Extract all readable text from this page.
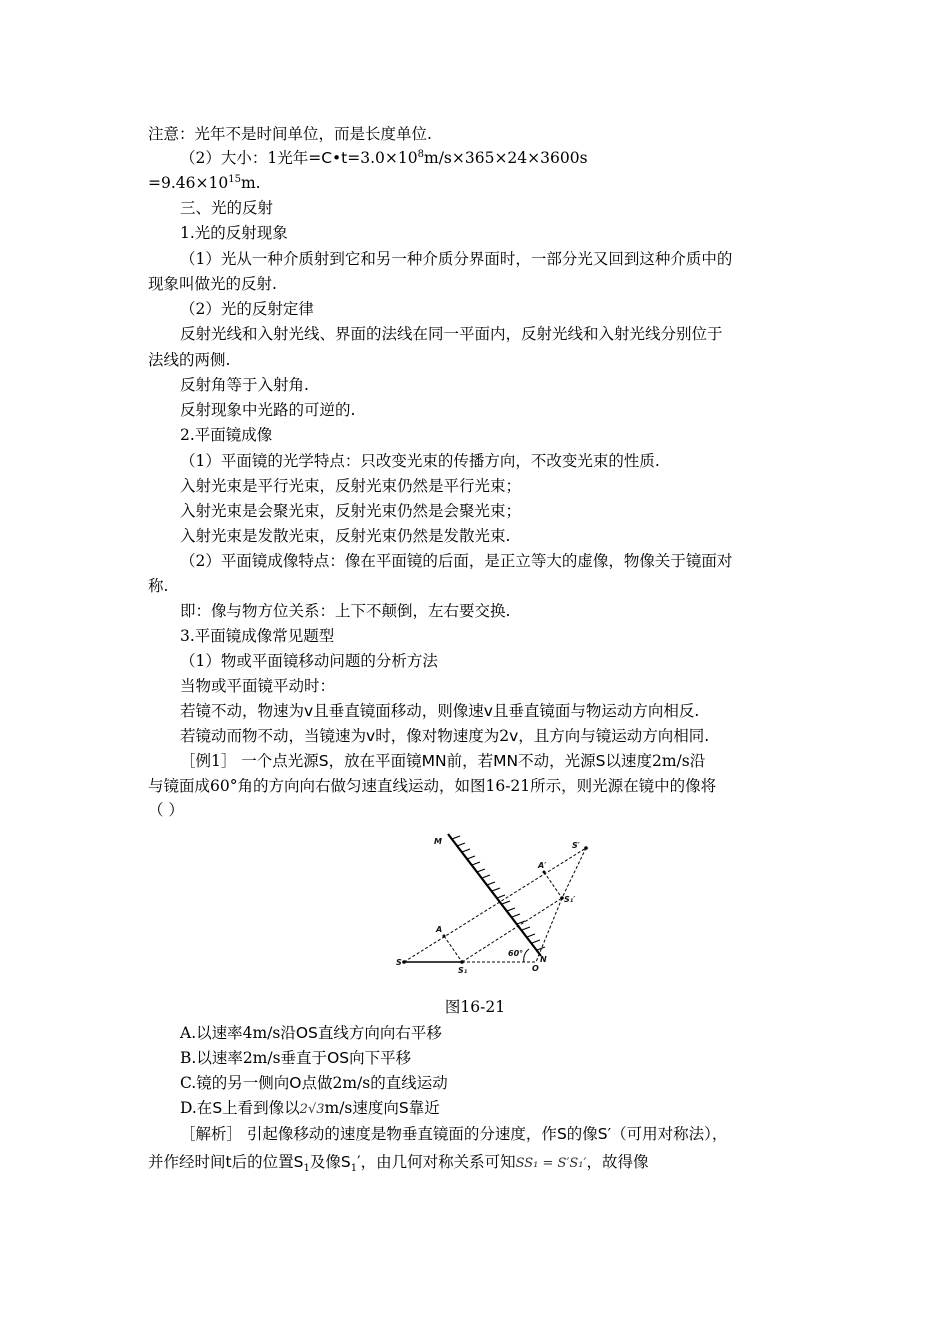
注意：光年不是时间单位，而是长度单位.
（2）大小：1光年$=C•t=3.0\times 10^8m/s\times 365\times 24\times 3600s$
$=9.46\times 10^{15}m$.
三、光的反射
1.光的反射现象
（1）光从一种介质射到它和另一种介质分界面时，一部分光又回到这种介质中的
现象叫做光的反射.
（2）光的反射定律
反射光线和入射光线、界面的法线在同一平面内，反射光线和入射光线分别位于
法线的两侧.
反射角等于入射角.
反射现象中光路的可逆的.
2.平面镜成像
（1）平面镜的光学特点：只改变光束的传播方向，不改变光束的性质.
入射光束是平行光束，反射光束仍然是平行光束；
入射光束是会聚光束，反射光束仍然是会聚光束；
入射光束是发散光束，反射光束仍然是发散光束.
（2）平面镜成像特点：像在平面镜的后面，是正立等大的虚像，物像关于镜面对
称.
即：像与物方位关系：上下不颠倒，左右要交换.
3.平面镜成像常见题型
（1）物或平面镜移动问题的分析方法
当物或平面镜平动时：
若镜不动，物速为v且垂直镜面移动，则像速v且垂直镜面与物运动方向相反.
若镜动而物不动，当镜速为v时，像对物速度为2v，且方向与镜运动方向相同.
［例1］ 一个点光源S，放在平面镜MN前，若MN不动，光源S以速度2m/s沿
与镜面成60°角的方向向右做匀速直线运动，如图16-21所示，则光源在镜中的像将
（ ）
M	S′
A′
S₁′
A
60°
N
O
S
S₁
图16-21
A.以速率4m/s沿OS直线方向向右平移
B.以速率2m/s垂直于OS向下平移
C.镜的另一侧向O点做2m/s的直线运动
D.在S上看到像以2√3m/s速度向S靠近
［解析］ 引起像移动的速度是物垂直镜面的分速度，作S的像S′（可用对称法），
并作经时间t后的位置$S_1$及像$S_1'$，由几何对称关系可知SS₁ = S′S₁′，故得像
